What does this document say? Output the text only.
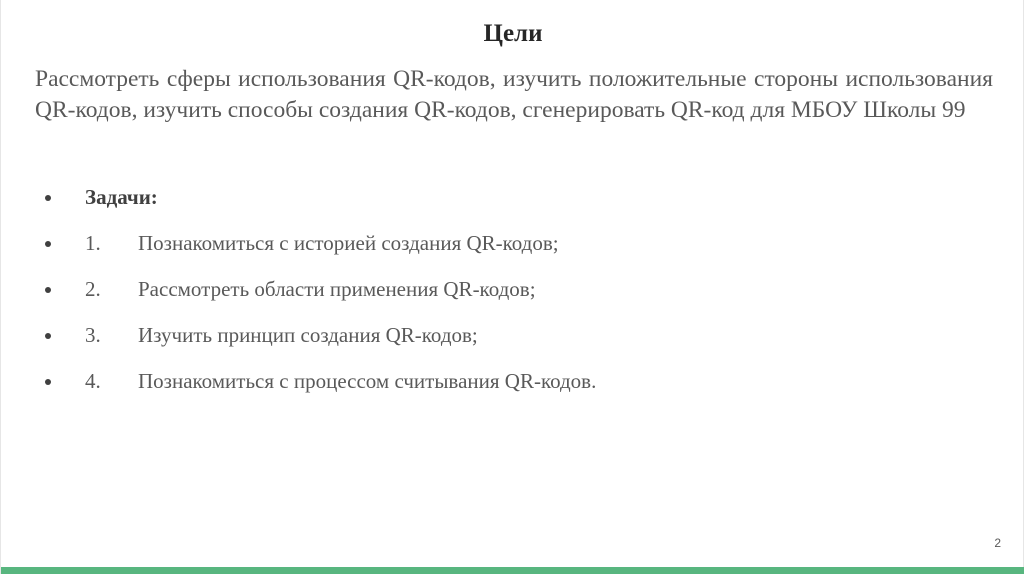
Цели
Рассмотреть сферы использования QR-кодов, изучить положительные стороны использования QR-кодов, изучить способы создания QR-кодов, сгенерировать QR-код для МБОУ Школы 99
Задачи:
1. Познакомиться с историей создания QR-кодов;
2. Рассмотреть области применения QR-кодов;
3. Изучить принцип создания QR-кодов;
4. Познакомиться с процессом считывания QR-кодов.
2
